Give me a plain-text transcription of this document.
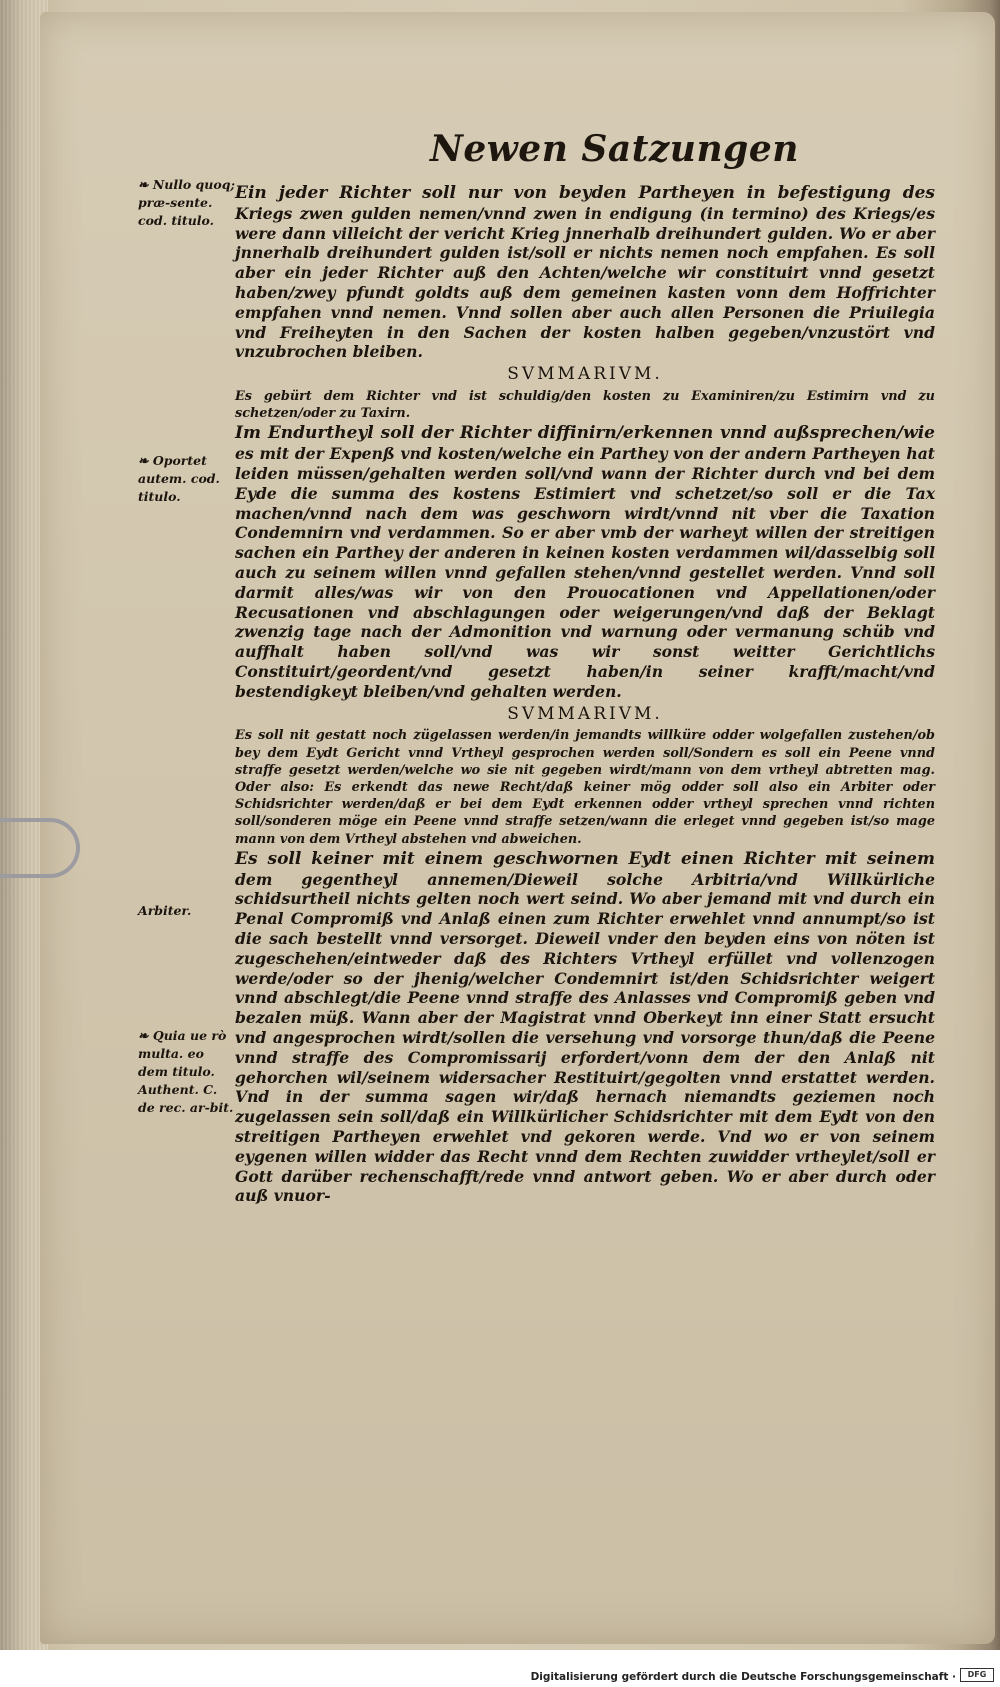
Newen Satzungen
❧ Nullo quoq; præ-sente. cod. titulo.
❧ Oportet autem. cod. titulo.
Arbiter.
❧ Quia ue rò multa. eo dem titulo. Authent. C. de rec. ar-bit.

Ein jeder Richter soll nur von beyden Partheyen in befestigung des Kriegs zwen gulden nemen/vnnd zwen in endigung (in termino) des Kriegs/es were dann villeicht der vericht Krieg jnnerhalb dreihundert gulden. Wo er aber jnnerhalb dreihundert gulden ist/soll er nichts nemen noch empfahen. Es soll aber ein jeder Richter auß den Achten/welche wir constituirt vnnd gesetzt haben/zwey pfundt goldts auß dem gemeinen kasten vonn dem Hoffrichter empfahen vnnd nemen. Vnnd sollen aber auch allen Personen die Priuilegia vnd Freiheyten in den Sachen der kosten halben gegeben/vnzustört vnd vnzubrochen bleiben.

SVMMARIVM.

Es gebürt dem Richter vnd ist schuldig/den kosten zu Examiniren/zu Estimirn vnd zu schetzen/oder zu Taxirn.

Im Endurtheyl soll der Richter diffinirn/erkennen vnnd außsprechen/wie es mit der Expenß vnd kosten/welche ein Parthey von der andern Partheyen hat leiden müssen/gehalten werden soll/vnd wann der Richter durch vnd bei dem Eyde die summa des kostens Estimiert vnd schetzet/so soll er die Tax machen/vnnd nach dem was geschworn wirdt/vnnd nit vber die Taxation Condemnirn vnd verdammen. So er aber vmb der warheyt willen der streitigen sachen ein Parthey der anderen in keinen kosten verdammen wil/dasselbig soll auch zu seinem willen vnnd gefallen stehen/vnnd gestellet werden. Vnnd soll darmit alles/was wir von den Prouocationen vnd Appellationen/oder Recusationen vnd abschlagungen oder weigerungen/vnd daß der Beklagt zwenzig tage nach der Admonition vnd warnung oder vermanung schüb vnd auffhalt haben soll/vnd was wir sonst weitter Gerichtlichs Constituirt/geordent/vnd gesetzt haben/in seiner krafft/macht/vnd bestendigkeyt bleiben/vnd gehalten werden.

SVMMARIVM.

Es soll nit gestatt noch zügelassen werden/in jemandts willküre odder wolgefallen zustehen/ob bey dem Eydt Gericht vnnd Vrtheyl gesprochen werden soll/Sondern es soll ein Peene vnnd straffe gesetzt werden/welche wo sie nit gegeben wirdt/mann von dem vrtheyl abtretten mag. Oder also: Es erkendt das newe Recht/daß keiner mög odder soll also ein Arbiter oder Schidsrichter werden/daß er bei dem Eydt erkennen odder vrtheyl sprechen vnnd richten soll/sonderen möge ein Peene vnnd straffe setzen/wann die erleget vnnd gegeben ist/so mage mann von dem Vrtheyl abstehen vnd abweichen.

Es soll keiner mit einem geschwornen Eydt einen Richter mit seinem dem gegentheyl annemen/Dieweil solche Arbitria/vnd Willkürliche schidsurtheil nichts gelten noch wert seind. Wo aber jemand mit vnd durch ein Penal Compromiß vnd Anlaß einen zum Richter erwehlet vnnd annumpt/so ist die sach bestellt vnnd versorget. Dieweil vnder den beyden eins von nöten ist zugeschehen/eintweder daß des Richters Vrtheyl erfüllet vnd vollenzogen werde/oder so der jhenig/welcher Condemnirt ist/den Schidsrichter weigert vnnd abschlegt/die Peene vnnd straffe des Anlasses vnd Compromiß geben vnd bezalen müß. Wann aber der Magistrat vnnd Oberkeyt inn einer Statt ersucht vnd angesprochen wirdt/sollen die versehung vnd vorsorge thun/daß die Peene vnnd straffe des Compromissarij erfordert/vonn dem der den Anlaß nit gehorchen wil/seinem widersacher Restituirt/gegolten vnnd erstattet werden. Vnd in der summa sagen wir/daß hernach niemandts geziemen noch zugelassen sein soll/daß ein Willkürlicher Schidsrichter mit dem Eydt von den streitigen Partheyen erwehlet vnd gekoren werde. Vnd wo er von seinem eygenen willen widder das Recht vnnd dem Rechten zuwidder vrtheylet/soll er Gott darüber rechenschafft/rede vnnd antwort geben. Wo er aber durch oder auß vnuor-

Digitalisierung gefördert durch die Deutsche Forschungsgemeinschaft ·	DFG
